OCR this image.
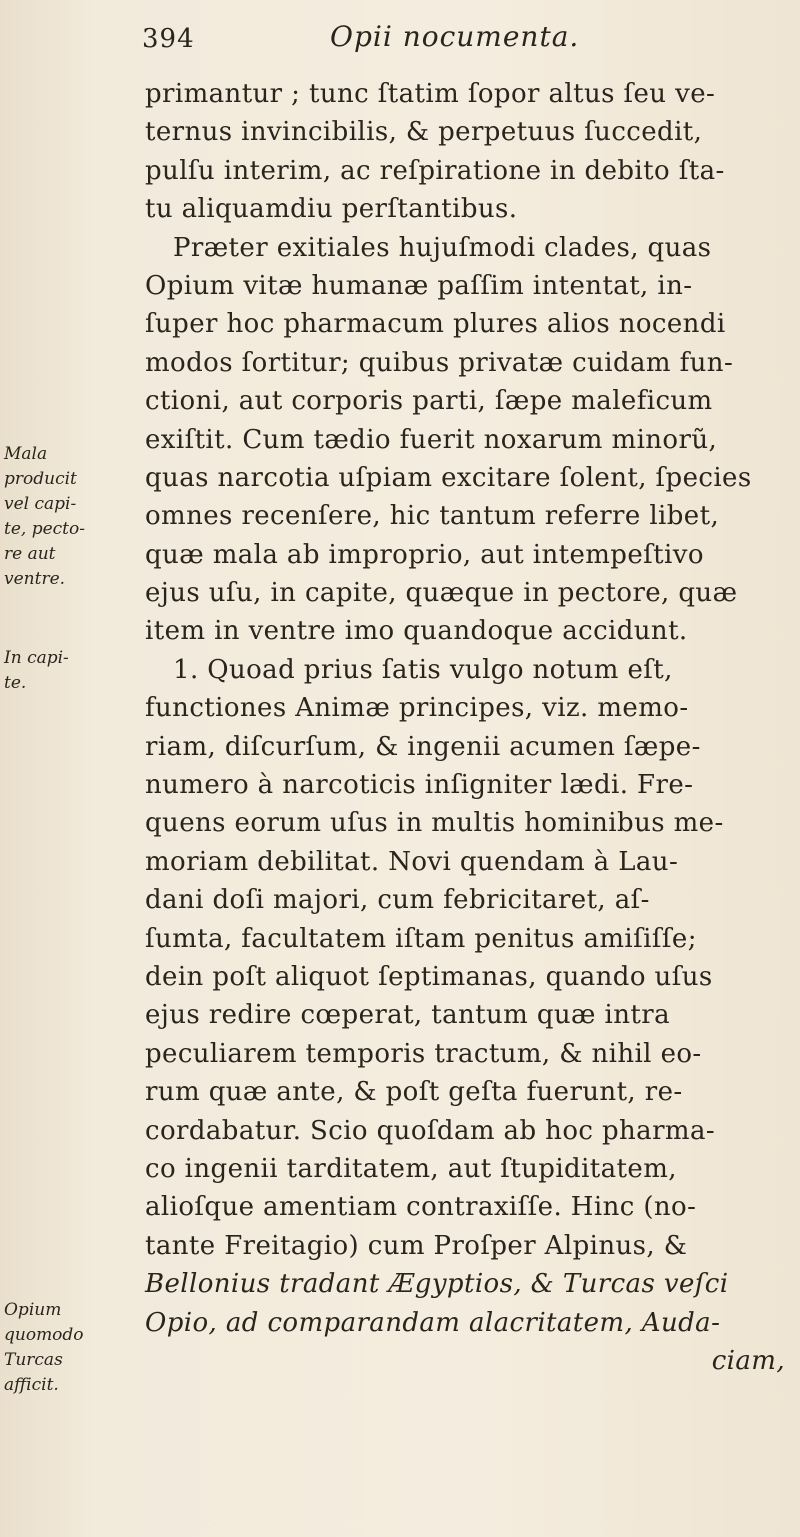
394	Opii nocumenta.
Mala
producit
vel capi-
te, pecto-
re aut
ventre.
In capi-
te.
Opium
quomodo
Turcas
afficit.
primantur ; tunc ſtatim ſopor altus ſeu ve-
ternus invincibilis, & perpetuus ſuccedit,
pulſu interim, ac reſpiratione in debito ſta-
tu aliquamdiu perſtantibus.
Præter exitiales hujuſmodi clades, quas
Opium vitæ humanæ paſſim intentat, in-
ſuper hoc pharmacum plures alios nocendi
modos ſortitur; quibus privatæ cuidam fun-
ctioni, aut corporis parti, ſæpe maleficum
exiſtit. Cum tædio fuerit noxarum minorũ,
quas narcotia uſpiam excitare ſolent, ſpecies
omnes recenſere, hic tantum referre libet,
quæ mala ab improprio, aut intempeſtivo
ejus uſu, in capite, quæque in pectore, quæ
item in ventre imo quandoque accidunt.
1. Quoad prius ſatis vulgo notum eſt,
functiones Animæ principes, viz. memo-
riam, diſcurſum, & ingenii acumen ſæpe-
numero à narcoticis inſigniter lædi. Fre-
quens eorum uſus in multis hominibus me-
moriam debilitat. Novi quendam à Lau-
dani doſi majori, cum febricitaret, aſ-
ſumta, facultatem iſtam penitus amiſiſſe;
dein poſt aliquot ſeptimanas, quando uſus
ejus redire cœperat, tantum quæ intra
peculiarem temporis tractum, & nihil eo-
rum quæ ante, & poſt geſta fuerunt, re-
cordabatur. Scio quoſdam ab hoc pharma-
co ingenii tarditatem, aut ſtupiditatem,
alioſque amentiam contraxiſſe. Hinc (no-
tante Freitagio) cum Proſper Alpinus, &
Bellonius tradant Ægyptios, & Turcas veſci
Opio, ad comparandam alacritatem, Auda-
ciam,
